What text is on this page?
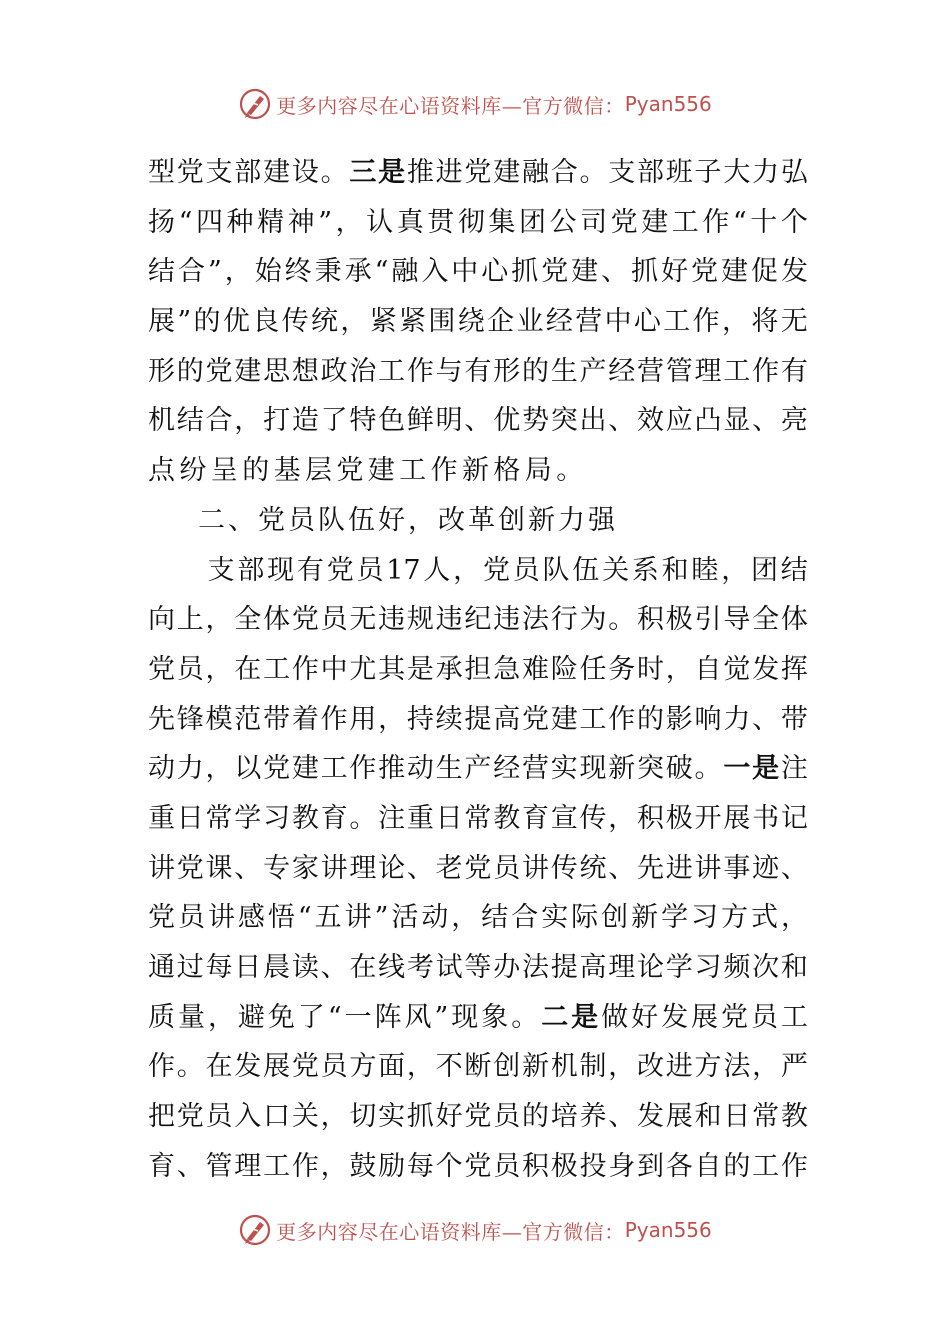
更多内容尽在心语资料库—官方微信： Pyan556
型 党 支 部 建 设 。 三 是 推 进 党 建 融 合 。 支 部 班 子 大 力 弘
扬 “ 四 种 精 神 ” ， 认 真 贯 彻 集 团 公 司 党 建 工 作 “ 十 个
结 合 ” ， 始 终 秉 承 “ 融 入 中 心 抓 党 建 、 抓 好 党 建 促 发
展 ” 的 优 良 传 统 ， 紧 紧 围 绕 企 业 经 营 中 心 工 作 ， 将 无
形 的 党 建 思 想 政 治 工 作 与 有 形 的 生 产 经 营 管 理 工 作 有
机 结 合 ， 打 造 了 特 色 鲜 明 、 优 势 突 出 、 效 应 凸 显 、 亮
点纷呈的基层党建工作新格局。
二、党员队伍好，改革创新力强

支 部 现 有 党 员 17 人 ， 党 员 队 伍 关 系 和 睦 ， 团 结
向 上 ， 全 体 党 员 无 违 规 违 纪 违 法 行 为 。 积 极 引 导 全 体
党 员 ， 在 工 作 中 尤 其 是 承 担 急 难 险 任 务 时 ， 自 觉 发 挥
先 锋 模 范 带 着 作 用 ， 持 续 提 高 党 建 工 作 的 影 响 力 、 带
动 力 ， 以 党 建 工 作 推 动 生 产 经 营 实 现 新 突 破 。 一 是 注
重 日 常 学 习 教 育 。 注 重 日 常 教 育 宣 传 ， 积 极 开 展 书 记
讲 党 课 、 专 家 讲 理 论 、 老 党 员 讲 传 统 、 先 进 讲 事 迹 、
党 员 讲 感 悟 “ 五 讲 ” 活 动 ， 结 合 实 际 创 新 学 习 方 式 ，
通 过 每 日 晨 读 、 在 线 考 试 等 办 法 提 高 理 论 学 习 频 次 和
质 量 ， 避 免 了 “ 一 阵 风 ” 现 象 。 二 是 做 好 发 展 党 员 工
作 。 在 发 展 党 员 方 面 ， 不 断 创 新 机 制 ， 改 进 方 法 ， 严
把 党 员 入 口 关 ， 切 实 抓 好 党 员 的 培 养 、 发 展 和 日 常 教
育 、 管 理 工 作 ， 鼓 励 每 个 党 员 积 极 投 身 到 各 自 的 工 作
更多内容尽在心语资料库—官方微信： Pyan556
